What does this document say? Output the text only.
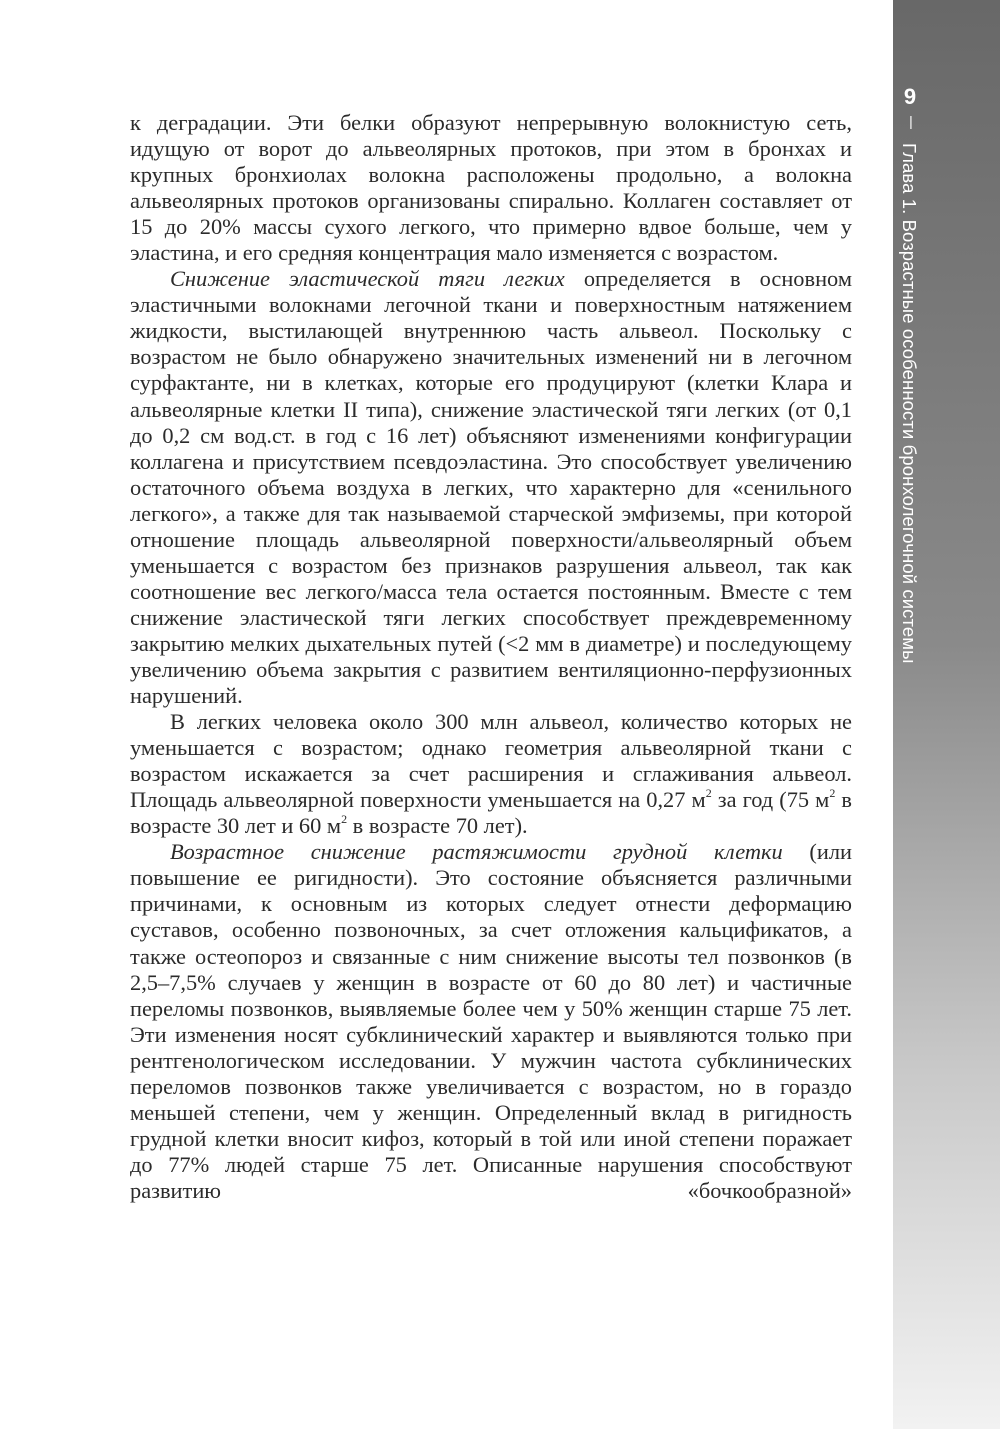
9
|
Глава 1. Возрастные особенности бронхолегочной системы

к деградации. Эти белки образуют непрерывную волокнистую сеть, идущую от ворот до альвеолярных протоков, при этом в бронхах и крупных бронхиолах волокна расположены продольно, а волокна альвеолярных протоков организованы спирально. Коллаген составляет от 15 до 20% массы сухого легкого, что примерно вдвое больше, чем у эластина, и его средняя концентрация мало изменяется с возрастом.

Снижение эластической тяги легких определяется в основном эластичными волокнами легочной ткани и поверхностным натяжением жидкости, выстилающей внутреннюю часть альвеол. Поскольку с возрастом не было обнаружено значительных изменений ни в легочном сурфактанте, ни в клетках, которые его продуцируют (клетки Клара и альвеолярные клетки II типа), снижение эластической тяги легких (от 0,1 до 0,2 см вод.ст. в год с 16 лет) объясняют изменениями конфигурации коллагена и присутствием псевдоэластина. Это способствует увеличению остаточного объема воздуха в легких, что характерно для «сенильного легкого», а также для так называемой старческой эмфиземы, при которой отношение площадь альвеолярной поверхности/альвеолярный объем уменьшается с возрастом без признаков разрушения альвеол, так как соотношение вес легкого/масса тела остается постоянным. Вместе с тем снижение эластической тяги легких способствует преждевременному закрытию мелких дыхательных путей (<2 мм в диаметре) и последующему увеличению объема закрытия с развитием вентиляционно-перфузионных нарушений.

В легких человека около 300 млн альвеол, количество которых не уменьшается с возрастом; однако геометрия альвеолярной ткани с возрастом искажается за счет расширения и сглаживания альвеол. Площадь альвеолярной поверхности уменьшается на 0,27 $м^2$ за год (75 $м^2$ в возрасте 30 лет и 60 $м^2$ в возрасте 70 лет).

Возрастное снижение растяжимости грудной клетки (или повышение ее ригидности). Это состояние объясняется различными причинами, к основным из которых следует отнести деформацию суставов, особенно позвоночных, за счет отложения кальцификатов, а также остеопороз и связанные с ним снижение высоты тел позвонков (в 2,5–7,5% случаев у женщин в возрасте от 60 до 80 лет) и частичные переломы позвонков, выявляемые более чем у 50% женщин старше 75 лет. Эти изменения носят субклинический характер и выявляются только при рентгенологическом исследовании. У мужчин частота субклинических переломов позвонков также увеличивается с возрастом, но в гораздо меньшей степени, чем у женщин. Определенный вклад в ригидность грудной клетки вносит кифоз, который в той или иной степени поражает до 77% людей старше 75 лет. Описанные нарушения способствуют развитию «бочкообразной»
